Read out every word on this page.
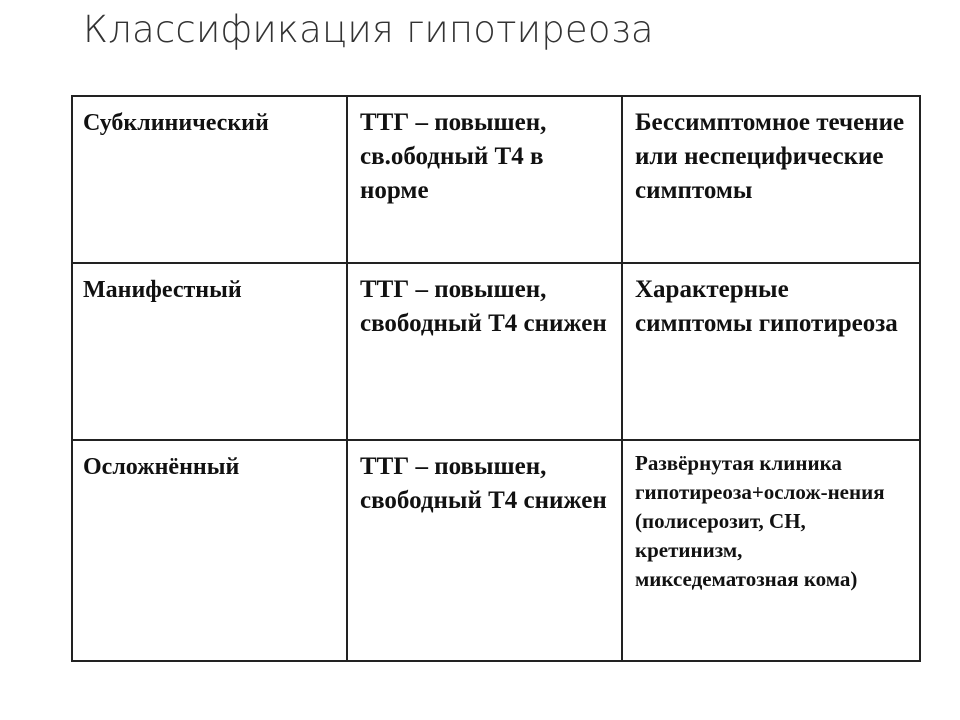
Классификация гипотиреоза
Субклинический	ТТГ – повышен, св.ободный Т4 в норме	Бессимптомное течение или неспецифические симптомы

Манифестный	ТТГ – повышен, свободный Т4 снижен	Характерные симптомы гипотиреоза

Осложнённый	ТТГ – повышен, свободный Т4 снижен	Развёрнутая клиника гипотиреоза+ослож-нения (полисерозит, СН, кретинизм, микседематозная кома)
